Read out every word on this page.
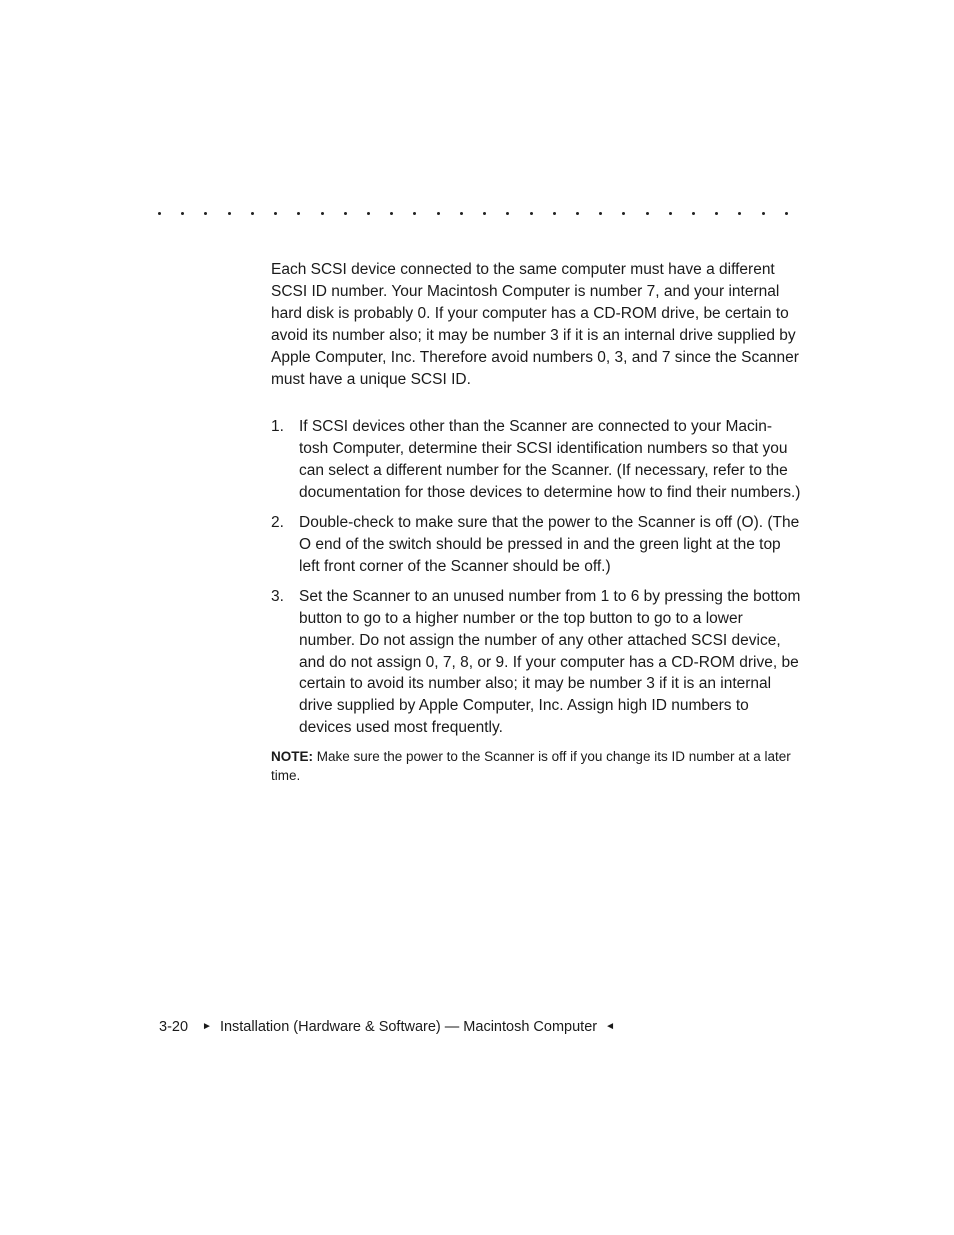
Each SCSI device connected to the same computer must have a different SCSI ID number. Your Macintosh Computer is number 7, and your internal hard disk is probably 0. If your computer has a CD-ROM drive, be certain to avoid its number also; it may be number 3 if it is an internal drive supplied by Apple Computer, Inc. Therefore avoid numbers 0, 3, and 7 since the Scanner must have a unique SCSI ID.

1. If SCSI devices other than the Scanner are connected to your Macin-tosh Computer, determine their SCSI identification numbers so that you can select a different number for the Scanner. (If necessary, refer to the documentation for those devices to determine how to find their numbers.)
2. Double-check to make sure that the power to the Scanner is off (O). (The O end of the switch should be pressed in and the green light at the top left front corner of the Scanner should be off.)
3. Set the Scanner to an unused number from 1 to 6 by pressing the bottom button to go to a higher number or the top button to go to a lower number. Do not assign the number of any other attached SCSI device, and do not assign 0, 7, 8, or 9. If your computer has a CD-ROM drive, be certain to avoid its number also; it may be number 3 if it is an internal drive supplied by Apple Computer, Inc. Assign high ID numbers to devices used most frequently.

NOTE: Make sure the power to the Scanner is off if you change its ID number at a later time.

3-20 ► Installation (Hardware & Software) — Macintosh Computer ◄
